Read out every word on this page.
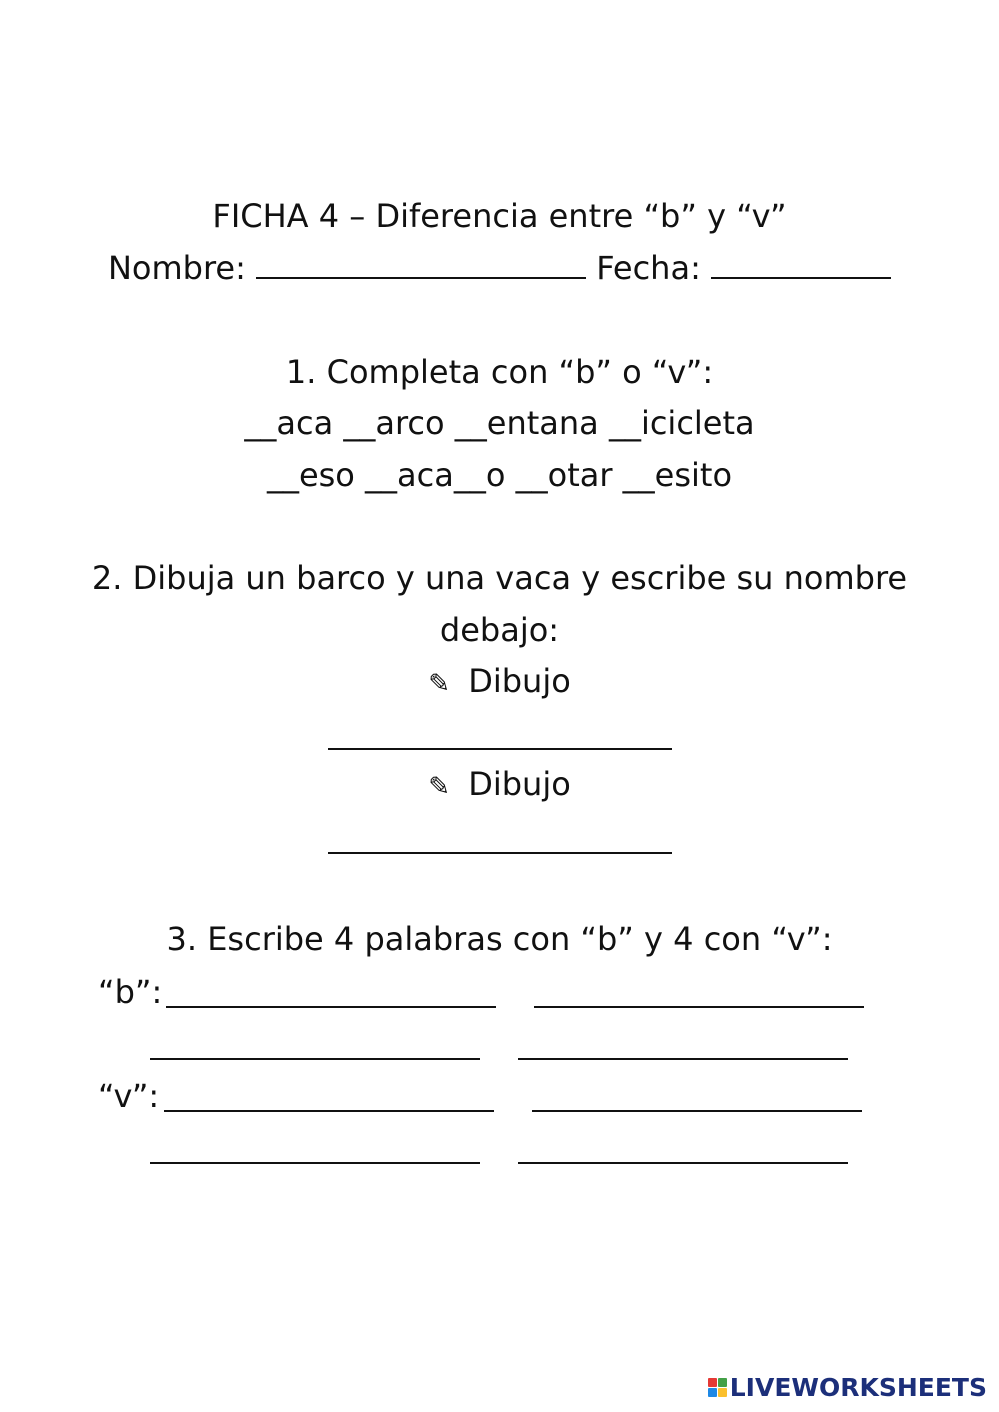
FICHA 4 – Diferencia entre “b” y “v”
Nombre:	Fecha:
1. Completa con “b” o “v”:
__aca __arco __entana __icicleta
__eso __aca__o __otar __esito
2. Dibuja un barco y una vaca y escribe su nombre
debajo:
✎ Dibujo
✎ Dibujo
3. Escribe 4 palabras con “b” y 4 con “v”:
“b”:
“v”:
LIVEWORKSHEETS
